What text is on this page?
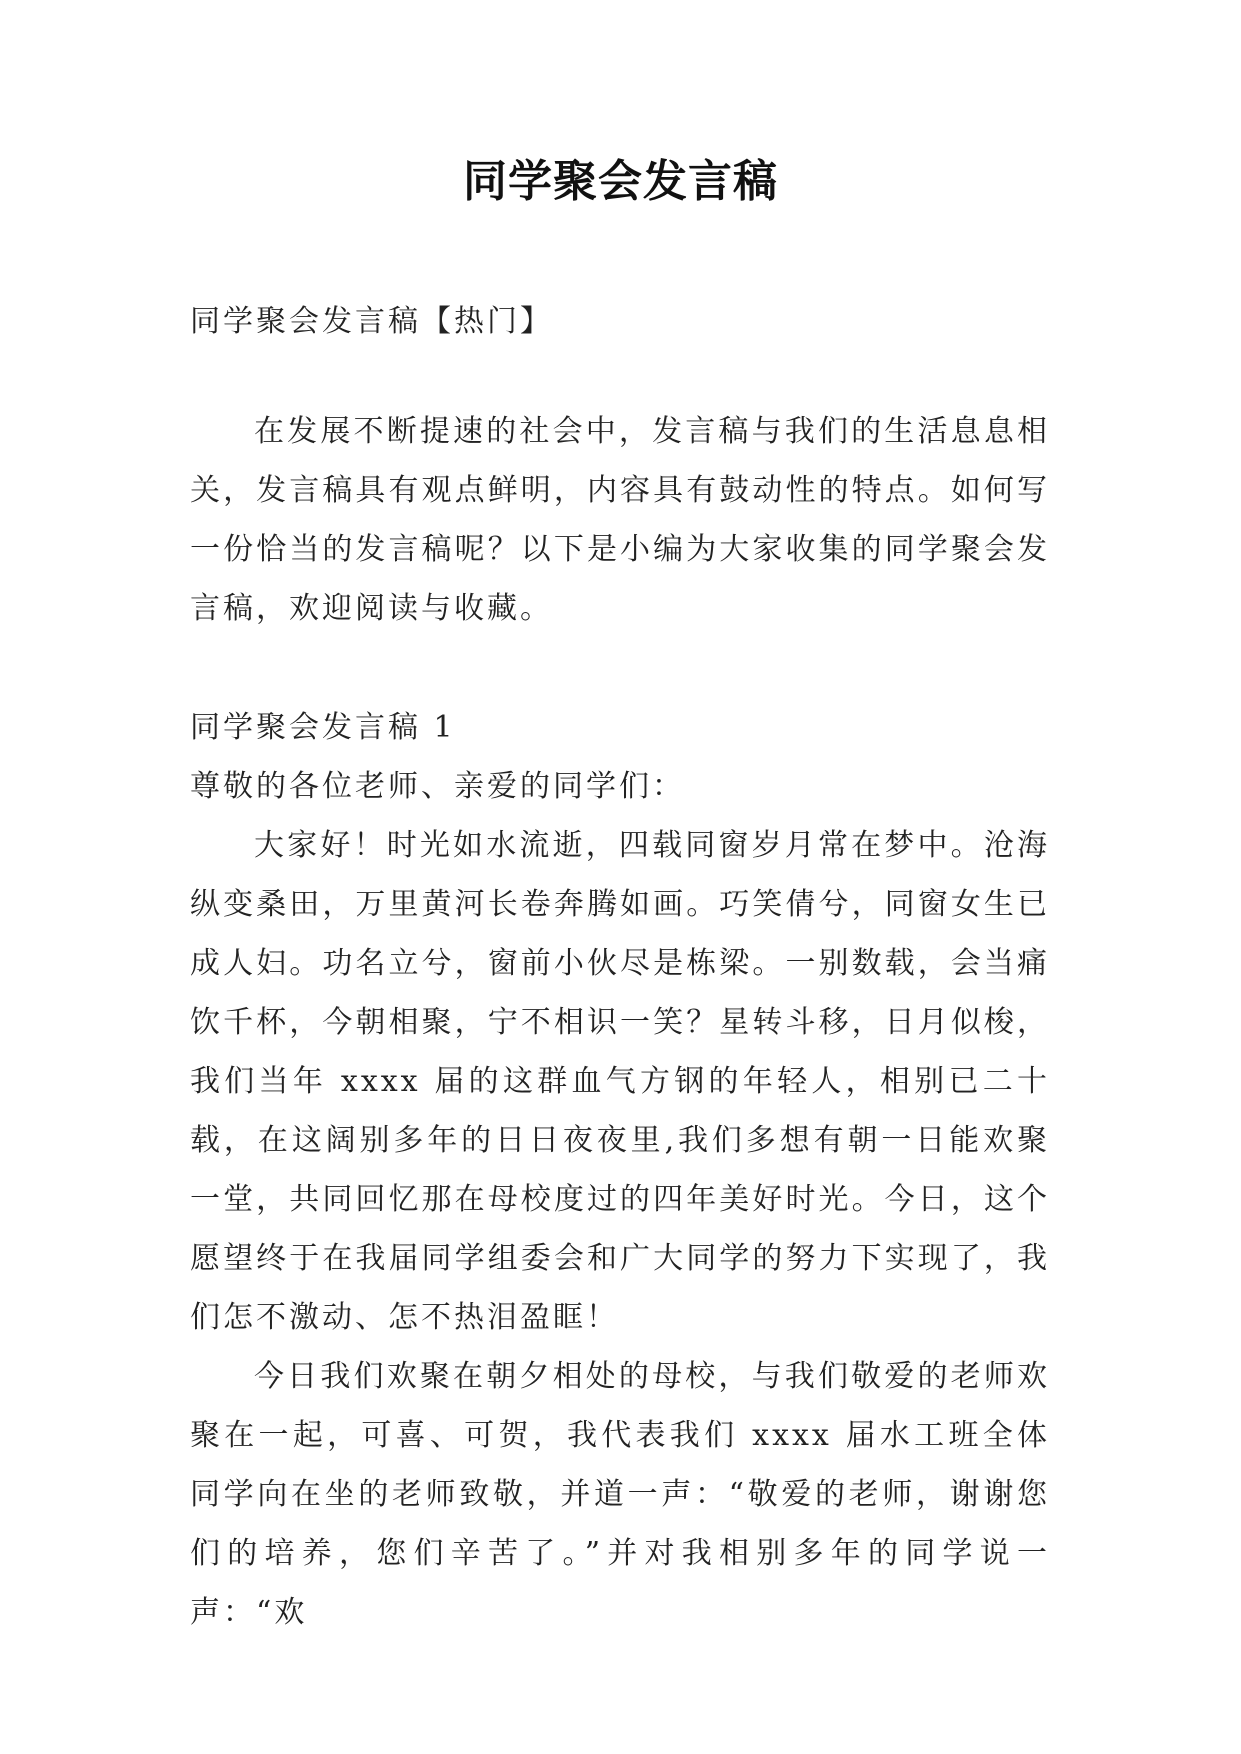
同学聚会发言稿
同学聚会发言稿【热门】
在发展不断提速的社会中，发言稿与我们的生活息息相关，发言稿具有观点鲜明，内容具有鼓动性的特点。如何写一份恰当的发言稿呢？以下是小编为大家收集的同学聚会发言稿，欢迎阅读与收藏。
同学聚会发言稿 1

尊敬的各位老师、亲爱的同学们：

大家好！时光如水流逝，四载同窗岁月常在梦中。沧海纵变桑田，万里黄河长卷奔腾如画。巧笑倩兮，同窗女生已成人妇。功名立兮，窗前小伙尽是栋梁。一别数载，会当痛饮千杯，今朝相聚，宁不相识一笑？星转斗移，日月似梭，我们当年 xxxx 届的这群血气方钢的年轻人，相别已二十载，在这阔别多年的日日夜夜里,我们多想有朝一日能欢聚一堂，共同回忆那在母校度过的四年美好时光。今日，这个愿望终于在我届同学组委会和广大同学的努力下实现了，我们怎不激动、怎不热泪盈眶！

今日我们欢聚在朝夕相处的母校，与我们敬爱的老师欢聚在一起，可喜、可贺，我代表我们 xxxx 届水工班全体同学向在坐的老师致敬，并道一声：“敬爱的老师，谢谢您们的培养，您们辛苦了。”并对我相别多年的同学说一声：“欢
